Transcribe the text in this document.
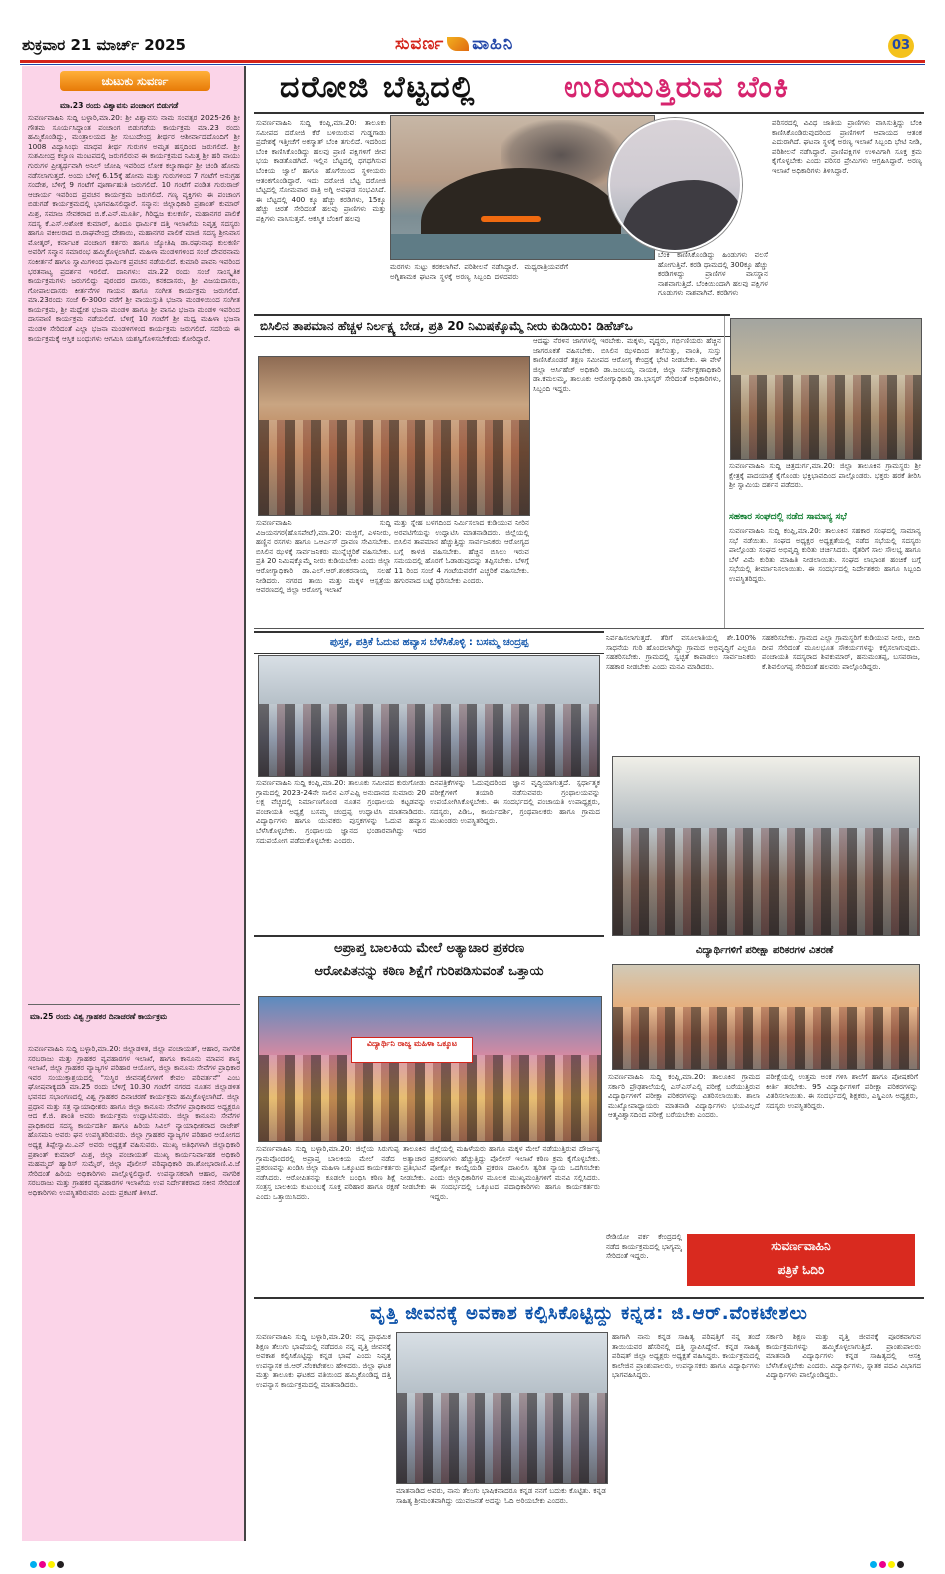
ಶುಕ್ರವಾರ 21 ಮಾರ್ಚ್ 2025	ಸುವರ್ಣ ವಾಹಿನಿ	03
ಚುಟುಕು ಸುವರ್ಣ
ಮಾ.23 ರಂದು ವಿಶ್ವಾವಸು ಪಂಚಾಂಗ ಬಿಡುಗಡೆ
ಸುವರ್ಣವಾಹಿನಿ ಸುದ್ದಿ ಬಳ್ಳಾರಿ,ಮಾ.20: ಶ್ರೀ ವಿಶ್ವಾವಸು ನಾಮ ಸಂವತ್ಸರ 2025-26 ಶ್ರೀ ಗೌತಮ ಸೂರ್ಯಸಿದ್ಧಾಂತ ಪಂಚಾಂಗ ಬಿಡುಗಡೆಯ ಕಾರ್ಯಕ್ರಮ ಮಾ.23 ರಂದು ಹಮ್ಮಿಕೊಂಡಿದ್ದು, ಮಂತ್ರಾಲಯದ ಶ್ರೀ ಸುಬುದೇಂದ್ರ ತೀರ್ಥರ ಆಶೀರ್ವಾದದೊಂದಿಗೆ ಶ್ರೀ 1008 ವಿದ್ಯಾಸಿಂಧು ಮಾಧವ ತೀರ್ಥ ಗುರುಗಳ ಅಮೃತ ಹಸ್ತದಿಂದ ಜರುಗಲಿದೆ. ಶ್ರೀ ಸುಶಮೀಂದ್ರ ಕಲ್ಯಾಣ ಮಂಟಪದಲ್ಲಿ ಜರುಗಲಿರುವ ಈ ಕಾರ್ಯಕ್ರಮದ ನಿಮಿತ್ತ ಶ್ರೀ ಹರಿ ವಾಯು ಗುರುಗಳ ಪ್ರೀತ್ಯರ್ಥವಾಗಿ ಅನಿಲ್ ಜೋಷಿ ಇವರಿಂದ ಲೋಕ ಕಲ್ಯಾಣಾರ್ಥ ಶ್ರೀ ಚಂಡಿ ಹೋಮ ನಡೆಸಲಾಗುತ್ತದೆ. ಅಂದು ಬೆಳಿಗ್ಗೆ 6.15ಕ್ಕೆ ಹೋಮ ಮತ್ತು ಗುರುಗಳಿಂದ 7 ಗಂಟೆಗೆ ಅನುಗ್ರಹ ಸಂದೇಶ, ಬೆಳಿಗ್ಗೆ 9 ಗಂಟೆಗೆ ಪೂರ್ಣಾಹುತಿ ಜರುಗಲಿದೆ. 10 ಗಂಟೆಗೆ ಪಂಡಿತ ಗುರುರಾಜ್ ಆಚಾರ್ಯ ಇವರಿಂದ ಪ್ರವಚನ ಕಾರ್ಯಕ್ರಮ ಜರುಗಲಿದೆ. ಗಣ್ಯ ವ್ಯಕ್ತಿಗಳು ಈ ಪಂಚಾಂಗ ಬಿಡುಗಡೆ ಕಾರ್ಯಕ್ರಮದಲ್ಲಿ ಭಾಗವಹಿಸಲಿದ್ದಾರೆ. ಸನ್ಮಾನ: ಜಿಲ್ಲಾಧಿಕಾರಿ ಪ್ರಶಾಂತ್ ಕುಮಾರ್ ಮಿಶ್ರ, ಸಮಾಜ ಸೇವಕರಾದ ಬಿ.ಕೆ.ಎನ್.ಮೂರ್ತಿ, ಗಿರಿಧ್ವಜ ಕುಲಕರ್ಣಿ, ಮಹಾನಗರ ಪಾಲಿಕೆ ಸದಸ್ಯ ಕೆ.ಎಸ್.ಅಶೋಕ ಕುಮಾರ್, ಹಿಂದೂ ಧಾರ್ಮಿಕ ದತ್ತಿ ಇಲಾಖೆಯ ನಿವೃತ್ತ ಸದಸ್ಯರು ಹಾಗೂ ವಕೀಲರಾದ ಬಿ.ರಾಘವೇಂದ್ರ ದೇಶಾಯಿ, ಮಹಾನಗರ ಪಾಲಿಕೆ ಮಾಜಿ ಸದಸ್ಯ ಶ್ರೀನಿವಾಸ ಮೋತ್ಕರ್, ಕರ್ನಾಟಕ ಪಂಚಾಂಗ ಕರ್ತರು ಹಾಗೂ ಜ್ಯೋತಿಷಿ ಡಾ.ರಘುನಾಥ ಕುಲಕರ್ಣಿ ಅವರಿಗೆ ಸನ್ಮಾನ ಸಮಾರಂಭ ಹಮ್ಮಿಕೊಳ್ಳಲಾಗಿದೆ. ಮಹಿಳಾ ಮಂಡಳಿಗಳಿಂದ ಸಂಜೆ ದೇವರನಾಮ ಸಂಕೀರ್ತನೆ ಹಾಗೂ ಸ್ವಾಮಿಗಳಿಂದ ಧಾರ್ಮಿಕ ಪ್ರವಚನ ನಡೆಯಲಿದೆ. ಕುಮಾರಿ ಪಾವನಿ ಇವರಿಂದ ಭರತನಾಟ್ಯ ಪ್ರದರ್ಶನ ಇರಲಿದೆ. ದಾನಿಗಳು: ಮಾ.22 ರಂದು ಸಂಜೆ ಸಾಂಸ್ಕೃತಿಕ ಕಾರ್ಯಕ್ರಮಗಳು ಜರುಗಲಿದ್ದು ಪುರಂದರ ದಾಸರು, ಕನಕದಾಸರು, ಶ್ರೀ ವಿಜಯದಾಸರು, ಗೋಪಾಲದಾಸರು ಕೀರ್ತನೆಗಳ ಗಾಯನ ಹಾಗೂ ಸಂಗೀತ ಕಾರ್ಯಕ್ರಮ ಜರುಗಲಿದೆ. ಮಾ.23ರಂದು ಸಂಜೆ 6-300ರ ವರೆಗೆ ಶ್ರೀ ವಾಯುಸ್ತುತಿ ಭಜನಾ ಮಂಡಳಿಯಿಂದ ಸಂಗೀತ ಕಾರ್ಯಕ್ರಮ, ಶ್ರೀ ಮಧ್ವೇಶ ಭಜನಾ ಮಂಡಳಿ ಹಾಗೂ ಶ್ರೀ ವಾಸವಿ ಭಜನಾ ಮಂಡಳಿ ಇವರಿಂದ ದಾಸವಾಣಿ ಕಾರ್ಯಕ್ರಮ ನಡೆಯಲಿದೆ. ಬೆಳಿಗ್ಗೆ 10 ಗಂಟೆಗೆ ಶ್ರೀ ಮಧ್ವ ಮಹಿಳಾ ಭಜನಾ ಮಂಡಳಿ ಸೇರಿದಂತೆ ಎಲ್ಲಾ ಭಜನಾ ಮಂಡಳಿಗಳಿಂದ ಕಾರ್ಯಕ್ರಮ ಜರುಗಲಿದೆ. ಸದರಿಯ ಈ ಕಾರ್ಯಕ್ರಮಕ್ಕೆ ಆಸ್ತಿಕ ಬಂಧುಗಳು ಆಗಮಿಸಿ ಯಶಸ್ವಿಗೊಳಿಸಬೇಕೆಂದು ಕೋರಿದ್ದಾರೆ.
ಮಾ.25 ರಂದು ವಿಶ್ವ ಗ್ರಾಹಕರ ದಿನಾಚರಣೆ ಕಾರ್ಯಕ್ರಮ
ಸುವರ್ಣವಾಹಿನಿ ಸುದ್ದಿ ಬಳ್ಳಾರಿ,ಮಾ.20: ಜಿಲ್ಲಾಡಳಿತ, ಜಿಲ್ಲಾ ಪಂಚಾಯತ್, ಆಹಾರ, ನಾಗರಿಕ ಸರಬರಾಜು ಮತ್ತು ಗ್ರಾಹಕರ ವ್ಯವಹಾರಗಳ ಇಲಾಖೆ, ಹಾಗೂ ಕಾನೂನು ಮಾಪನ ಶಾಸ್ತ್ರ ಇಲಾಖೆ, ಜಿಲ್ಲಾ ಗ್ರಾಹಕರ ವ್ಯಾಜ್ಯಗಳ ಪರಿಹಾರ ಆಯೋಗ, ಜಿಲ್ಲಾ ಕಾನೂನು ಸೇವೆಗಳ ಪ್ರಾಧಿಕಾರ ಇವರ ಸಂಯುಕ್ತಾಶ್ರಯದಲ್ಲಿ "ಸುಸ್ಥಿರ ಜೀವನಶೈಲಿಗಳಿಗೆ ಕೇವಲ ಪರಿವರ್ತನೆ" ಎಂಬ ಘೋಷವಾಕ್ಯದಡಿ ಮಾ.25 ರಂದು ಬೆಳಿಗ್ಗೆ 10.30 ಗಂಟೆಗೆ ನಗರದ ನೂತನ ಜಿಲ್ಲಾಡಳಿತ ಭವನದ ಸಭಾಂಗಣದಲ್ಲಿ ವಿಶ್ವ ಗ್ರಾಹಕರ ದಿನಾಚರಣೆ ಕಾರ್ಯಕ್ರಮ ಹಮ್ಮಿಕೊಳ್ಳಲಾಗಿದೆ. ಜಿಲ್ಲಾ ಪ್ರಧಾನ ಮತ್ತು ಸತ್ರ ನ್ಯಾಯಾಧೀಶರು ಹಾಗೂ ಜಿಲ್ಲಾ ಕಾನೂನು ಸೇವೆಗಳ ಪ್ರಾಧಿಕಾರದ ಅಧ್ಯಕ್ಷರೂ ಆದ ಕೆ.ಜಿ. ಶಾಂತಿ ಅವರು ಕಾರ್ಯಕ್ರಮ ಉದ್ಘಾಟಿಸುವರು. ಜಿಲ್ಲಾ ಕಾನೂನು ಸೇವೆಗಳ ಪ್ರಾಧಿಕಾರದ ಸದಸ್ಯ ಕಾರ್ಯದರ್ಶಿ ಹಾಗೂ ಹಿರಿಯ ಸಿವಿಲ್ ನ್ಯಾಯಾಧೀಶರಾದ ರಾಜೇಶ್ ಹೊಸಮನಿ ಅವರು ಘನ ಉಪಸ್ಥಿತರಿರುವರು. ಜಿಲ್ಲಾ ಗ್ರಾಹಕರ ವ್ಯಾಜ್ಯಗಳ ಪರಿಹಾರ ಆಯೋಗದ ಅಧ್ಯಕ್ಷ ತಿಪ್ಪೇಸ್ವಾಮಿ.ಎನ್ ಅವರು ಅಧ್ಯಕ್ಷತೆ ವಹಿಸುವರು. ಮುಖ್ಯ ಅತಿಥಿಗಳಾಗಿ ಜಿಲ್ಲಾಧಿಕಾರಿ ಪ್ರಶಾಂತ್ ಕುಮಾರ್ ಮಿಶ್ರ, ಜಿಲ್ಲಾ ಪಂಚಾಯತ್ ಮುಖ್ಯ ಕಾರ್ಯನಿರ್ವಾಹಕ ಅಧಿಕಾರಿ ಮಹಮ್ಮದ್ ಹ್ಯಾರಿಸ್ ಸುಮೈರ್, ಜಿಲ್ಲಾ ಪೊಲೀಸ್ ವರಿಷ್ಠಾಧಿಕಾರಿ ಡಾ.ಶೋಭಾರಾಣಿ.ವಿ.ಜೆ ಸೇರಿದಂತೆ ಹಿರಿಯ ಅಧಿಕಾರಿಗಳು ಪಾಲ್ಗೊಳ್ಳಲಿದ್ದಾರೆ. ಉಪನ್ಯಾಸಕರಾಗಿ ಆಹಾರ, ನಾಗರಿಕ ಸರಬರಾಜು ಮತ್ತು ಗ್ರಾಹಕರ ವ್ಯವಹಾರಗಳ ಇಲಾಖೆಯ ಉಪ ನಿರ್ದೇಶಕರಾದ ಸಕೀನ ಸೇರಿದಂತೆ ಅಧಿಕಾರಿಗಳು ಉಪಸ್ಥಿತರಿರುವರು ಎಂದು ಪ್ರಕಟಣೆ ತಿಳಿಸಿದೆ.
ದರೋಜಿ ಬೆಟ್ಟದಲ್ಲಿ	ಉರಿಯುತ್ತಿರುವ ಬೆಂಕಿ
ಸುವರ್ಣವಾಹಿನಿ ಸುದ್ದಿ ಕಂಪ್ಲಿ,ಮಾ.20: ತಾಲೂಕು ಸಮೀಪದ ದರೋಜಿ ಕೆರೆ ಬಳಿಯಿರುವ ಗುಡ್ಡಗಾಡು ಪ್ರದೇಶಕ್ಕೆ ಇತ್ತೀಚೆಗೆ ಅಕಸ್ಮಾತ್ ಬೆಂಕಿ ತಗುಲಿದೆ. ಇದರಿಂದ ಬೆಂಕಿ ಕಾಣಿಸಿಕೊಂಡಿದ್ದು ಹಲವು ಪ್ರಾಣಿ ಪಕ್ಷಿಗಳಿಗೆ ಜೀವ ಭಯ ಕಾಡತೊಡಗಿದೆ. ಇಲ್ಲಿನ ಬೆಟ್ಟದಲ್ಲಿ ಧಗಧಗಿಸುವ ಬೆಂಕಿಯ ಜ್ವಾಲೆ ಹಾಗೂ ಹೊಗೆಯಿಂದ ಸ್ಥಳೀಯರು ಆತಂಕಗೊಂಡಿದ್ದಾರೆ. ಇದು ದರೋಜಿ ಬೆಟ್ಟ ದರೋಜಿ ಬೆಟ್ಟದಲ್ಲಿ ಸೋಮವಾರ ರಾತ್ರಿ ಅಗ್ನಿ ಅವಘಡ ಸಂಭವಿಸಿದೆ. ಈ ಬೆಟ್ಟದಲ್ಲಿ 400 ಕ್ಕೂ ಹೆಚ್ಚು ಕರಡಿಗಳು, 15ಕ್ಕೂ ಹೆಚ್ಚು ಚಿರತೆ ಸೇರಿದಂತೆ ಹಲವು ಪ್ರಾಣಿಗಳು ಮತ್ತು ಪಕ್ಷಿಗಳು ವಾಸಿಸುತ್ತವೆ. ಆಕಸ್ಮಿಕ ಬೆಂಕಿಗೆ ಹಲವು
ಮರಗಳು ಸುಟ್ಟು ಕರಕಲಾಗಿವೆ. ಪರಿಶೀಲನೆ ನಡೆಸಿದ್ದಾರೆ. ಅಗ್ನಿಶಾಮಕ ಘಟನಾ ಸ್ಥಳಕ್ಕೆ ಅರಣ್ಯ ಸಿಬ್ಬಂದಿ ದಳದವರು ಮಧ್ಯರಾತ್ರಿಯವರೆಗೆ
ಬೆಂಕಿ ಕಾಣಿಸಿಕೊಂಡಿದ್ದು ಹಿಂಡುಗಳು ವಲಸೆ ಹೋಗುತ್ತಿವೆ. ಕರಡಿ ಧಾಮದಲ್ಲಿ 300ಕ್ಕೂ ಹೆಚ್ಚು ಕರಡಿಗಳಿದ್ದು ಪ್ರಾಣಿಗಳ ವಾಸಸ್ಥಾನ ನಾಶವಾಗುತ್ತಿದೆ. ಬೆಂಕಿಯಿಂದಾಗಿ ಹಲವು ಪಕ್ಷಿಗಳ ಗೂಡುಗಳು ನಾಶವಾಗಿವೆ. ಕರಡಿಗಳು
ಪರಿಸರದಲ್ಲಿ ವಿವಿಧ ಜಾತಿಯ ಪ್ರಾಣಿಗಳು ವಾಸಿಸುತ್ತಿದ್ದು ಬೆಂಕಿ ಕಾಣಿಸಿಕೊಂಡಿರುವುದರಿಂದ ಪ್ರಾಣಿಗಳಿಗೆ ಆಪಾಯದ ಆತಂಕ ಎದುರಾಗಿದೆ. ಘಟನಾ ಸ್ಥಳಕ್ಕೆ ಅರಣ್ಯ ಇಲಾಖೆ ಸಿಬ್ಬಂದಿ ಭೇಟಿ ನೀಡಿ, ಪರಿಶೀಲನೆ ನಡೆಸಿದ್ದಾರೆ. ಪ್ರಾಣಿಪಕ್ಷಿಗಳ ಉಳಿವಿಗಾಗಿ ಸೂಕ್ತ ಕ್ರಮ ಕೈಗೊಳ್ಳಬೇಕು ಎಂದು ಪರಿಸರ ಪ್ರೇಮಿಗಳು ಆಗ್ರಹಿಸಿದ್ದಾರೆ. ಅರಣ್ಯ ಇಲಾಖೆ ಅಧಿಕಾರಿಗಳು ತಿಳಿಸಿದ್ದಾರೆ.
ಬಿಸಿಲಿನ ತಾಪಮಾನ ಹೆಚ್ಚಳ ನಿರ್ಲಕ್ಷ್ಯ ಬೇಡ, ಪ್ರತಿ 20 ನಿಮಿಷಕ್ಕೊಮ್ಮೆ ನೀರು ಕುಡಿಯಿರಿ: ಡಿಹೆಚ್ಒ
ಸುವರ್ಣವಾಹಿನಿ ಸುದ್ದಿ ವಿಜಯನಗರ(ಹೊಸಪೇಟೆ),ಮಾ.20: ಮಜ್ಜಿಗೆ, ಎಳನೀರು, ಹಣ್ಣಿನ ರಸಗಳು ಹಾಗೂ ಒಆರ್ಎಸ್ ದ್ರಾವಣ ಸೇವಿಸಬೇಕು. ಬಿಸಿಲಿನ ಝಳಕ್ಕೆ ಸಾರ್ವಜನಿಕರು ಮುನ್ನೆಚ್ಚರಿಕೆ ವಹಿಸಬೇಕು. ಪ್ರತಿ 20 ನಿಮಿಷಕ್ಕೊಮ್ಮೆ ನೀರು ಕುಡಿಯಬೇಕು ಎಂದು ಜಿಲ್ಲಾ ಆರೋಗ್ಯಾಧಿಕಾರಿ ಡಾ.ಎಲ್.ಆರ್.ಶಂಕರನಾಯ್ಕ ಸಲಹೆ ನೀಡಿದರು. ನಗರದ ತಾಯಿ ಮತ್ತು ಮಕ್ಕಳ ಆಸ್ಪತ್ರೆಯ ಆವರಣದಲ್ಲಿ ಜಿಲ್ಲಾ ಆರೋಗ್ಯ ಇಲಾಖೆ
ಮತ್ತು ಸ್ನೇಹ ಬಳಗದಿಂದ ನಿರ್ಮಿಸಲಾದ ಕುಡಿಯುವ ನೀರಿನ ಅರವಟಿಗೆಯನ್ನು ಉದ್ಘಾಟಿಸಿ ಮಾತನಾಡಿದರು. ಜಿಲ್ಲೆಯಲ್ಲಿ ಬಿಸಿಲಿನ ತಾಪಮಾನ ಹೆಚ್ಚುತ್ತಿದ್ದು ಸಾರ್ವಜನಿಕರು ಆರೋಗ್ಯದ ಬಗ್ಗೆ ಕಾಳಜಿ ವಹಿಸಬೇಕು. ಹೆಚ್ಚಿನ ಬಿಸಿಲು ಇರುವ ಸಮಯದಲ್ಲಿ ಹೊರಗೆ ಓಡಾಡುವುದನ್ನು ತಪ್ಪಿಸಬೇಕು. ಬೆಳಿಗ್ಗೆ 11 ರಿಂದ ಸಂಜೆ 4 ಗಂಟೆಯವರೆಗೆ ಎಚ್ಚರಿಕೆ ವಹಿಸಬೇಕು. ಹಗುರವಾದ ಬಟ್ಟೆ ಧರಿಸಬೇಕು ಎಂದರು.
ಆದಷ್ಟು ನೆರಳಿನ ಜಾಗಗಳಲ್ಲಿ ಇರಬೇಕು. ಮಕ್ಕಳು, ವೃದ್ಧರು, ಗರ್ಭಿಣಿಯರು ಹೆಚ್ಚಿನ ಜಾಗರೂಕತೆ ವಹಿಸಬೇಕು. ಬಿಸಿಲಿನ ಝಳದಿಂದ ತಲೆಸುತ್ತು, ವಾಂತಿ, ಸುಸ್ತು ಕಾಣಿಸಿಕೊಂಡರೆ ತಕ್ಷಣ ಸಮೀಪದ ಆರೋಗ್ಯ ಕೇಂದ್ರಕ್ಕೆ ಭೇಟಿ ನೀಡಬೇಕು. ಈ ವೇಳೆ ಜಿಲ್ಲಾ ಆರ್ಸಿಹೆಚ್ ಅಧಿಕಾರಿ ಡಾ.ಜಂಬಯ್ಯ ನಾಯಕ, ಜಿಲ್ಲಾ ಸರ್ವೇಕ್ಷಣಾಧಿಕಾರಿ ಡಾ.ಕಮಲಮ್ಮ, ತಾಲೂಕು ಆರೋಗ್ಯಾಧಿಕಾರಿ ಡಾ.ಭಾಸ್ಕರ್ ಸೇರಿದಂತೆ ಅಧಿಕಾರಿಗಳು, ಸಿಬ್ಬಂದಿ ಇದ್ದರು.
ಸುವರ್ಣವಾಹಿನಿ ಸುದ್ದಿ ಚಿತ್ರದುರ್ಗ,ಮಾ.20: ಜಿಲ್ಲಾ ತಾಲೂಕಿನ ಗ್ರಾಮಸ್ಥರು ಶ್ರೀ ಕ್ಷೇತ್ರಕ್ಕೆ ಪಾದಯಾತ್ರೆ ಕೈಗೊಂಡು ಭಕ್ತಿಭಾವದಿಂದ ಪಾಲ್ಗೊಂಡರು. ಭಕ್ತರು ಹರಕೆ ತೀರಿಸಿ ಶ್ರೀ ಸ್ವಾಮಿಯ ದರ್ಶನ ಪಡೆದರು.
ಸಹಕಾರ ಸಂಘದಲ್ಲಿ ನಡೆದ ಸಾಮಾನ್ಯ ಸಭೆ
ಸುವರ್ಣವಾಹಿನಿ ಸುದ್ದಿ ಕಂಪ್ಲಿ,ಮಾ.20: ತಾಲೂಕಿನ ಸಹಕಾರ ಸಂಘದಲ್ಲಿ ಸಾಮಾನ್ಯ ಸಭೆ ನಡೆಯಿತು. ಸಂಘದ ಅಧ್ಯಕ್ಷರ ಅಧ್ಯಕ್ಷತೆಯಲ್ಲಿ ನಡೆದ ಸಭೆಯಲ್ಲಿ ಸದಸ್ಯರು ಪಾಲ್ಗೊಂಡು ಸಂಘದ ಅಭಿವೃದ್ಧಿ ಕುರಿತು ಚರ್ಚಿಸಿದರು. ರೈತರಿಗೆ ಸಾಲ ಸೌಲಭ್ಯ ಹಾಗೂ ಬೆಳೆ ವಿಮೆ ಕುರಿತು ಮಾಹಿತಿ ನೀಡಲಾಯಿತು. ಸಂಘದ ಲಾಭಾಂಶ ಹಂಚಿಕೆ ಬಗ್ಗೆ ಸಭೆಯಲ್ಲಿ ತೀರ್ಮಾನಿಸಲಾಯಿತು. ಈ ಸಂದರ್ಭದಲ್ಲಿ ನಿರ್ದೇಶಕರು ಹಾಗೂ ಸಿಬ್ಬಂದಿ ಉಪಸ್ಥಿತರಿದ್ದರು.
ಪುಸ್ತಕ, ಪತ್ರಿಕೆ ಓದುವ ಹವ್ಯಾಸ ಬೆಳೆಸಿಕೊಳ್ಳಿ : ಬಸಮ್ಮ ಚಂದ್ರಪ್ಪ
ಸುವರ್ಣವಾಹಿನಿ ಸುದ್ದಿ ಕಂಪ್ಲಿ,ಮಾ.20: ತಾಲೂಕು ಸಮೀಪದ ಕುರುಗೋಡು ಗ್ರಾಮದಲ್ಲಿ 2023-24ನೇ ಸಾಲಿನ ಎಸ್ಎಫ್ಸಿ ಅನುದಾನದ ಸುಮಾರು 20 ಲಕ್ಷ ವೆಚ್ಚದಲ್ಲಿ ನಿರ್ಮಾಣಗೊಂಡ ನೂತನ ಗ್ರಂಥಾಲಯ ಕಟ್ಟಡವನ್ನು ಪಂಚಾಯತಿ ಅಧ್ಯಕ್ಷೆ ಬಸಮ್ಮ ಚಂದ್ರಪ್ಪ ಉದ್ಘಾಟಿಸಿ ಮಾತನಾಡಿದರು. ವಿದ್ಯಾರ್ಥಿಗಳು ಹಾಗೂ ಯುವಕರು ಪುಸ್ತಕಗಳನ್ನು ಓದುವ ಹವ್ಯಾಸ ಬೆಳೆಸಿಕೊಳ್ಳಬೇಕು. ಗ್ರಂಥಾಲಯ ಜ್ಞಾನದ ಭಂಡಾರವಾಗಿದ್ದು ಇದರ ಸದುಪಯೋಗ ಪಡೆದುಕೊಳ್ಳಬೇಕು ಎಂದರು.
ದಿನಪತ್ರಿಕೆಗಳನ್ನು ಓದುವುದರಿಂದ ಜ್ಞಾನ ವೃದ್ಧಿಯಾಗುತ್ತದೆ. ಸ್ಪರ್ಧಾತ್ಮಕ ಪರೀಕ್ಷೆಗಳಿಗೆ ತಯಾರಿ ನಡೆಸುವವರು ಗ್ರಂಥಾಲಯವನ್ನು ಉಪಯೋಗಿಸಿಕೊಳ್ಳಬೇಕು. ಈ ಸಂದರ್ಭದಲ್ಲಿ ಪಂಚಾಯತಿ ಉಪಾಧ್ಯಕ್ಷರು, ಸದಸ್ಯರು, ಪಿಡಿಒ, ಕಾರ್ಯದರ್ಶಿ, ಗ್ರಂಥಪಾಲಕರು ಹಾಗೂ ಗ್ರಾಮದ ಮುಖಂಡರು ಉಪಸ್ಥಿತರಿದ್ದರು.
ನಿರ್ವಹಿಸಲಾಗುತ್ತದೆ. ತೆರಿಗೆ ವಸೂಲಾತಿಯಲ್ಲಿ ಶೇ.100% ಸಾಧನೆಯ ಗುರಿ ಹೊಂದಲಾಗಿದ್ದು ಗ್ರಾಮದ ಅಭಿವೃದ್ಧಿಗೆ ಎಲ್ಲರೂ ಸಹಕರಿಸಬೇಕು. ಗ್ರಾಮದಲ್ಲಿ ಸ್ವಚ್ಛತೆ ಕಾಪಾಡಲು ಸಾರ್ವಜನಿಕರು ಸಹಕಾರ ನೀಡಬೇಕು ಎಂದು ಮನವಿ ಮಾಡಿದರು.
ಸಹಕರಿಸಬೇಕು. ಗ್ರಾಮದ ಎಲ್ಲಾ ಗ್ರಾಮಸ್ಥರಿಗೆ ಕುಡಿಯುವ ನೀರು, ಬೀದಿ ದೀಪ ಸೇರಿದಂತೆ ಮೂಲಭೂತ ಸೌಕರ್ಯಗಳನ್ನು ಕಲ್ಪಿಸಲಾಗುವುದು. ಪಂಚಾಯತಿ ಸದಸ್ಯರಾದ ಶಿವಕುಮಾರ್, ಹನುಮಂತಪ್ಪ, ಬಸವರಾಜ, ಕೆ.ಶಿವಲಿಂಗಪ್ಪ ಸೇರಿದಂತೆ ಹಲವರು ಪಾಲ್ಗೊಂಡಿದ್ದರು.
ಅಪ್ರಾಪ್ತ ಬಾಲಕಿಯ ಮೇಲೆ ಅತ್ಯಾಚಾರ ಪ್ರಕರಣ
ಆರೋಪಿತನನ್ನು ಕಠಿಣ ಶಿಕ್ಷೆಗೆ ಗುರಿಪಡಿಸುವಂತೆ ಒತ್ತಾಯ
ವಿದ್ಯಾರ್ಥಿನಿ ರಾಜ್ಯ ಮಹಿಳಾ ಒಕ್ಕೂಟ
ಸುವರ್ಣವಾಹಿನಿ ಸುದ್ದಿ ಬಳ್ಳಾರಿ,ಮಾ.20: ಜಿಲ್ಲೆಯ ಸಿರುಗುಪ್ಪ ತಾಲೂಕಿನ ಗ್ರಾಮವೊಂದರಲ್ಲಿ ಅಪ್ರಾಪ್ತ ಬಾಲಕಿಯ ಮೇಲೆ ನಡೆದ ಅತ್ಯಾಚಾರ ಪ್ರಕರಣವನ್ನು ಖಂಡಿಸಿ ಜಿಲ್ಲಾ ಮಹಿಳಾ ಒಕ್ಕೂಟದ ಕಾರ್ಯಕರ್ತರು ಪ್ರತಿಭಟನೆ ನಡೆಸಿದರು. ಆರೋಪಿತನನ್ನು ಕೂಡಲೇ ಬಂಧಿಸಿ ಕಠಿಣ ಶಿಕ್ಷೆ ನೀಡಬೇಕು. ಸಂತ್ರಸ್ತ ಬಾಲಕಿಯ ಕುಟುಂಬಕ್ಕೆ ಸೂಕ್ತ ಪರಿಹಾರ ಹಾಗೂ ರಕ್ಷಣೆ ನೀಡಬೇಕು ಎಂದು ಒತ್ತಾಯಿಸಿದರು.
ಜಿಲ್ಲೆಯಲ್ಲಿ ಮಹಿಳೆಯರು ಹಾಗೂ ಮಕ್ಕಳ ಮೇಲೆ ನಡೆಯುತ್ತಿರುವ ದೌರ್ಜನ್ಯ ಪ್ರಕರಣಗಳು ಹೆಚ್ಚುತ್ತಿದ್ದು ಪೊಲೀಸ್ ಇಲಾಖೆ ಕಠಿಣ ಕ್ರಮ ಕೈಗೊಳ್ಳಬೇಕು. ಪೋಕ್ಸೋ ಕಾಯ್ದೆಯಡಿ ಪ್ರಕರಣ ದಾಖಲಿಸಿ ತ್ವರಿತ ನ್ಯಾಯ ಒದಗಿಸಬೇಕು ಎಂದು ಜಿಲ್ಲಾಧಿಕಾರಿಗಳ ಮೂಲಕ ಮುಖ್ಯಮಂತ್ರಿಗಳಿಗೆ ಮನವಿ ಸಲ್ಲಿಸಿದರು. ಈ ಸಂದರ್ಭದಲ್ಲಿ ಒಕ್ಕೂಟದ ಪದಾಧಿಕಾರಿಗಳು ಹಾಗೂ ಕಾರ್ಯಕರ್ತರು ಇದ್ದರು.
ರೇಡಿಯೋ ವರ್ಕ ಕೇಂದ್ರದಲ್ಲಿ ನಡೆದ ಕಾರ್ಯಕ್ರಮದಲ್ಲಿ ಭಾಗ್ಯಮ್ಮ ಸೇರಿದಂತೆ ಇದ್ದರು.
ವಿದ್ಯಾರ್ಥಿಗಳಿಗೆ ಪರೀಕ್ಷಾ ಪರಿಕರಗಳ ವಿತರಣೆ
ಸುವರ್ಣವಾಹಿನಿ ಸುದ್ದಿ ಕಂಪ್ಲಿ,ಮಾ.20: ತಾಲೂಕಿನ ಗ್ರಾಮದ ಸರ್ಕಾರಿ ಪ್ರೌಢಶಾಲೆಯಲ್ಲಿ ಎಸ್ಎಸ್ಎಲ್ಸಿ ಪರೀಕ್ಷೆ ಬರೆಯುತ್ತಿರುವ ವಿದ್ಯಾರ್ಥಿಗಳಿಗೆ ಪರೀಕ್ಷಾ ಪರಿಕರಗಳನ್ನು ವಿತರಿಸಲಾಯಿತು. ಶಾಲಾ ಮುಖ್ಯೋಪಾಧ್ಯಾಯರು ಮಾತನಾಡಿ ವಿದ್ಯಾರ್ಥಿಗಳು ಭಯವಿಲ್ಲದೆ ಆತ್ಮವಿಶ್ವಾಸದಿಂದ ಪರೀಕ್ಷೆ ಬರೆಯಬೇಕು ಎಂದರು.
ಪರೀಕ್ಷೆಯಲ್ಲಿ ಉತ್ತಮ ಅಂಕ ಗಳಿಸಿ ಶಾಲೆಗೆ ಹಾಗೂ ಪೋಷಕರಿಗೆ ಕೀರ್ತಿ ತರಬೇಕು. 95 ವಿದ್ಯಾರ್ಥಿಗಳಿಗೆ ಪರೀಕ್ಷಾ ಪರಿಕರಗಳನ್ನು ವಿತರಿಸಲಾಯಿತು. ಈ ಸಂದರ್ಭದಲ್ಲಿ ಶಿಕ್ಷಕರು, ಎಸ್ಡಿಎಂಸಿ ಅಧ್ಯಕ್ಷರು, ಸದಸ್ಯರು ಉಪಸ್ಥಿತರಿದ್ದರು.
ಸುವರ್ಣವಾಹಿನಿ
ಪತ್ರಿಕೆ ಓದಿರಿ
ವೃತ್ತಿ ಜೀವನಕ್ಕೆ ಅವಕಾಶ ಕಲ್ಪಿಸಿಕೊಟ್ಟಿದ್ದು ಕನ್ನಡ: ಜಿ.ಆರ್.ವೆಂಕಟೇಶಲು
ಸುವರ್ಣವಾಹಿನಿ ಸುದ್ದಿ ಬಳ್ಳಾರಿ,ಮಾ.20: ನನ್ನ ಪ್ರಾಥಮಿಕ ಶಿಕ್ಷಣ ತೆಲುಗು ಭಾಷೆಯಲ್ಲಿ ನಡೆದರೂ ನನ್ನ ವೃತ್ತಿ ಜೀವನಕ್ಕೆ ಅವಕಾಶ ಕಲ್ಪಿಸಿಕೊಟ್ಟಿದ್ದು ಕನ್ನಡ ಭಾಷೆ ಎಂದು ನಿವೃತ್ತ ಉಪನ್ಯಾಸಕ ಜಿ.ಆರ್.ವೆಂಕಟೇಶಲು ಹೇಳಿದರು. ಜಿಲ್ಲಾ ಘಟಕ ಮತ್ತು ತಾಲೂಕು ಘಟಕದ ವತಿಯಿಂದ ಹಮ್ಮಿಕೊಂಡಿದ್ದ ದತ್ತಿ ಉಪನ್ಯಾಸ ಕಾರ್ಯಕ್ರಮದಲ್ಲಿ ಮಾತನಾಡಿದರು.
ಮಾತನಾಡಿದ ಅವರು, ನಾನು ತೆಲುಗು ಭಾಷಿಕನಾದರೂ ಕನ್ನಡ ನನಗೆ ಬದುಕು ಕೊಟ್ಟಿತು. ಕನ್ನಡ ಸಾಹಿತ್ಯ ಶ್ರೀಮಂತವಾಗಿದ್ದು ಯುವಜನತೆ ಅದನ್ನು ಓದಿ ಅರಿಯಬೇಕು ಎಂದರು.
ಹಾಗಾಗಿ ನಾನು ಕನ್ನಡ ಸಾಹಿತ್ಯ ಪರಿಷತ್ತಿಗೆ ನನ್ನ ತಂದೆ ತಾಯಿಯವರ ಹೆಸರಿನಲ್ಲಿ ದತ್ತಿ ಸ್ಥಾಪಿಸಿದ್ದೇನೆ. ಕನ್ನಡ ಸಾಹಿತ್ಯ ಪರಿಷತ್ ಜಿಲ್ಲಾ ಅಧ್ಯಕ್ಷರು ಅಧ್ಯಕ್ಷತೆ ವಹಿಸಿದ್ದರು. ಕಾರ್ಯಕ್ರಮದಲ್ಲಿ ಕಾಲೇಜಿನ ಪ್ರಾಂಶುಪಾಲರು, ಉಪನ್ಯಾಸಕರು ಹಾಗೂ ವಿದ್ಯಾರ್ಥಿಗಳು ಭಾಗವಹಿಸಿದ್ದರು.
ಸರ್ಕಾರಿ ಶಿಕ್ಷಣ ಮತ್ತು ವೃತ್ತಿ ಜೀವನಕ್ಕೆ ಪೂರಕವಾಗುವ ಕಾರ್ಯಕ್ರಮಗಳನ್ನು ಹಮ್ಮಿಕೊಳ್ಳಲಾಗುತ್ತಿದೆ. ಪ್ರಾಂಶುಪಾಲರು ಮಾತನಾಡಿ ವಿದ್ಯಾರ್ಥಿಗಳು ಕನ್ನಡ ಸಾಹಿತ್ಯದಲ್ಲಿ ಆಸಕ್ತಿ ಬೆಳೆಸಿಕೊಳ್ಳಬೇಕು ಎಂದರು. ವಿದ್ಯಾರ್ಥಿಗಳು, ಸ್ನಾತಕ ಪದವಿ ವಿಭಾಗದ ವಿದ್ಯಾರ್ಥಿಗಳು ಪಾಲ್ಗೊಂಡಿದ್ದರು.
